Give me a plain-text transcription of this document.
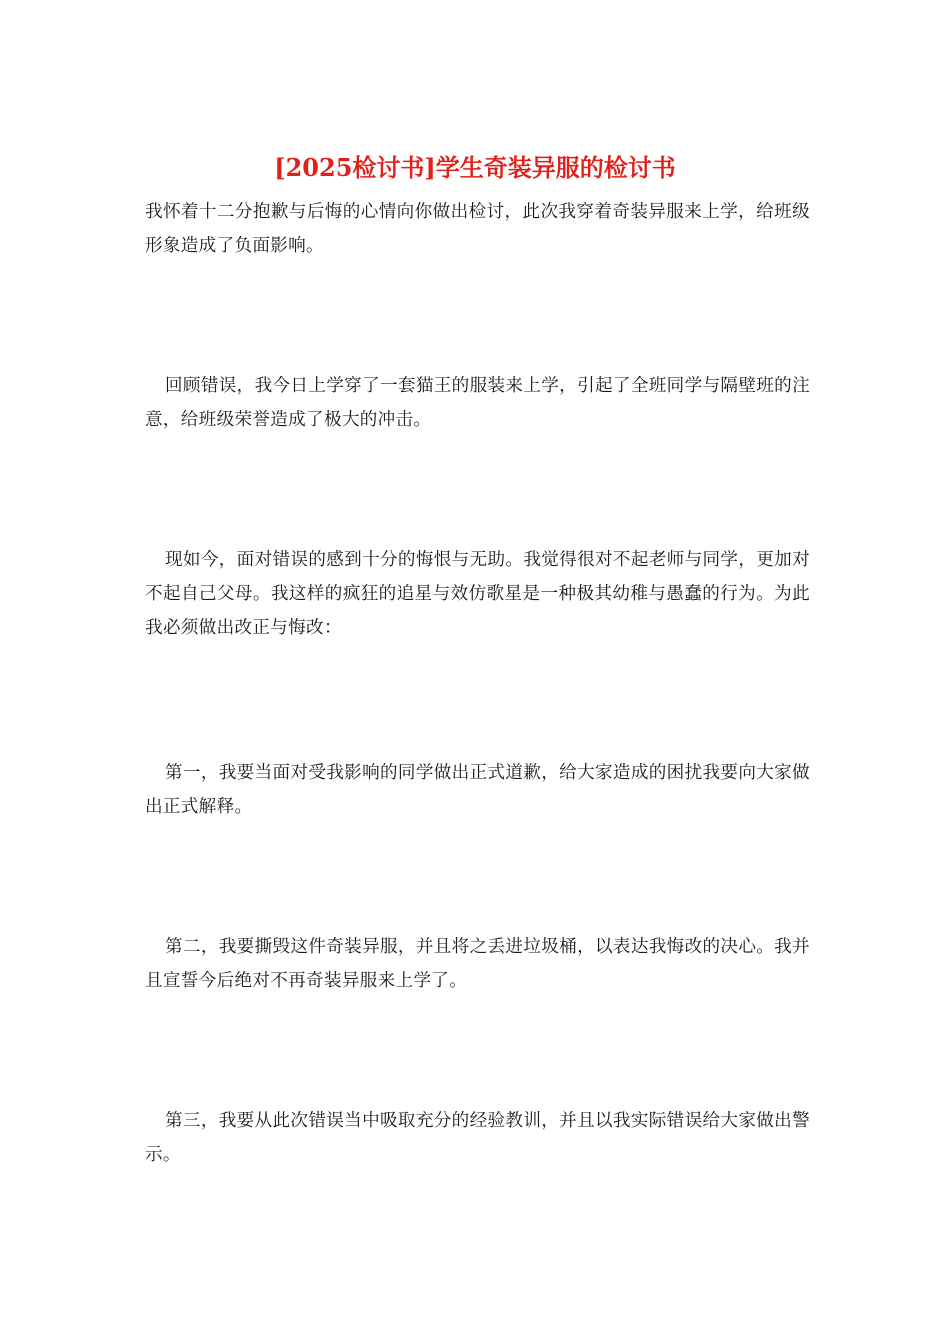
[2025检讨书]学生奇装异服的检讨书

我怀着十二分抱歉与后悔的心情向你做出检讨，此次我穿着奇装异服来上学，给班级形象造成了负面影响。

回顾错误，我今日上学穿了一套猫王的服装来上学，引起了全班同学与隔壁班的注意，给班级荣誉造成了极大的冲击。

现如今，面对错误的感到十分的悔恨与无助。我觉得很对不起老师与同学，更加对不起自己父母。我这样的疯狂的追星与效仿歌星是一种极其幼稚与愚蠢的行为。为此我必须做出改正与悔改：

第一，我要当面对受我影响的同学做出正式道歉，给大家造成的困扰我要向大家做出正式解释。

第二，我要撕毁这件奇装异服，并且将之丢进垃圾桶，以表达我悔改的决心。我并且宣誓今后绝对不再奇装异服来上学了。

第三，我要从此次错误当中吸取充分的经验教训，并且以我实际错误给大家做出警示。
